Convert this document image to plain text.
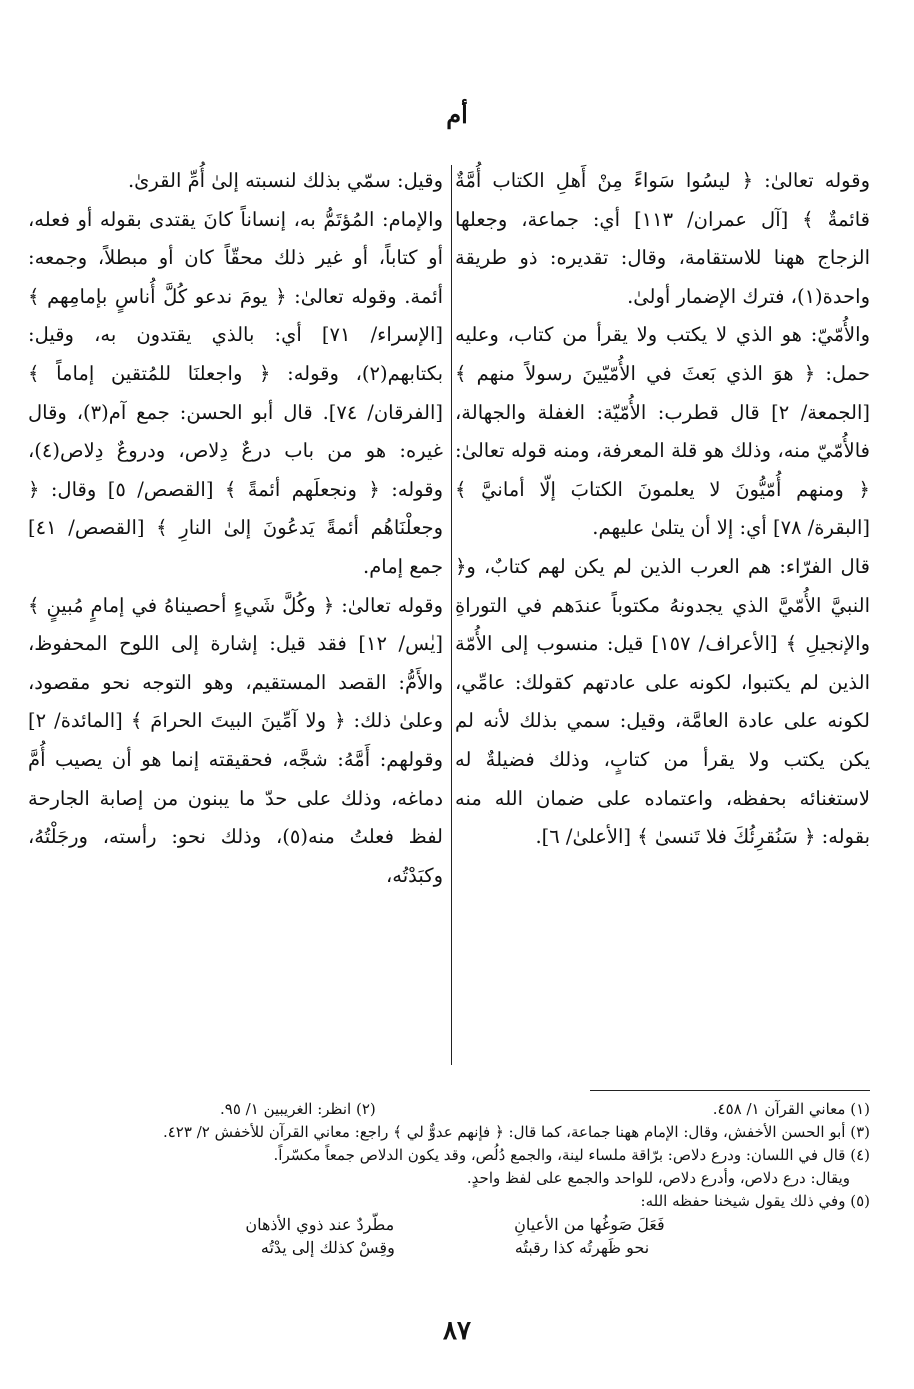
أم

وقوله تعالىٰ: ﴿ ليسُوا سَواءً مِنْ أَهلِ الكتاب أُمَّةٌ قائمةٌ ﴾ [آل عمران/ ١١٣] أي: جماعة، وجعلها الزجاج ههنا للاستقامة، وقال: تقديره: ذو طريقة واحدة(١)، فترك الإضمار أولىٰ.

والأُمّيّ: هو الذي لا يكتب ولا يقرأ من كتاب، وعليه حمل: ﴿ هوَ الذي بَعثَ في الأُمّيّينَ رسولاً منهم ﴾ [الجمعة/ ٢] قال قطرب: الأُمّيّة: الغفلة والجهالة، فالأُمّيّ منه، وذلك هو قلة المعرفة، ومنه قوله تعالىٰ: ﴿ ومنهم أُمّيُّونَ لا يعلمونَ الكتابَ إلّا أمانيَّ ﴾ [البقرة/ ٧٨] أي: إلا أن يتلىٰ عليهم.

قال الفرّاء: هم العرب الذين لم يكن لهم كتابٌ، و﴿ النبيَّ الأُمّيَّ الذي يجدونهُ مكتوباً عندَهم في التوراةِ والإنجيلِ ﴾ [الأعراف/ ١٥٧] قيل: منسوب إلى الأُمّة الذين لم يكتبوا، لكونه على عادتهم كقولك: عامِّي، لكونه على عادة العامَّة، وقيل: سمي بذلك لأنه لم يكن يكتب ولا يقرأ من كتابٍ، وذلك فضيلةٌ له لاستغنائه بحفظه، واعتماده على ضمان الله منه بقوله: ﴿ سَنُقرِئُكَ فلا تَنسىٰ ﴾ [الأعلىٰ/ ٦].

وقيل: سمّي بذلك لنسبته إلىٰ أُمِّ القرىٰ.

والإمام: المُؤتَمُّ به، إنساناً كانَ يقتدى بقوله أو فعله، أو كتاباً، أو غير ذلك محقّاً كان أو مبطلاً، وجمعه: أئمة. وقوله تعالىٰ: ﴿ يومَ ندعو كُلَّ أُناسٍ بإمامِهم ﴾ [الإسراء/ ٧١] أي: بالذي يقتدون به، وقيل: بكتابهم(٢)، وقوله: ﴿ واجعلنَا للمُتقين إماماً ﴾ [الفرقان/ ٧٤]. قال أبو الحسن: جمع آم(٣)، وقال غيره: هو من باب درعٌ دِلاص، ودروعٌ دِلاص(٤)، وقوله: ﴿ ونجعلَهم أئمةً ﴾ [القصص/ ٥] وقال: ﴿ وجعلْنَاهُم أئمةً يَدعُونَ إلىٰ النارِ ﴾ [القصص/ ٤١] جمع إمام.

وقوله تعالىٰ: ﴿ وكُلَّ شَيءٍ أحصيناهُ في إمامٍ مُبينٍ ﴾ [يٰس/ ١٢] فقد قيل: إشارة إلى اللوح المحفوظ، والأَمُّ: القصد المستقيم، وهو التوجه نحو مقصود، وعلىٰ ذلك: ﴿ ولا آمِّينَ البيتَ الحرامَ ﴾ [المائدة/ ٢] وقولهم: أَمَّهُ: شجَّه، فحقيقته إنما هو أن يصيب أُمَّ دماغه، وذلك على حدّ ما يبنون من إصابة الجارحة لفظ فعلتُ منه(٥)، وذلك نحو: رأسته، ورجَلْتُهُ، وكبَدْتُه،

(١) معاني القرآن ١/ ٤٥٨.
(٢) انظر: الغريبين ١/ ٩٥.
(٣) أبو الحسن الأخفش، وقال: الإمام ههنا جماعة، كما قال: ﴿ فإنهم عدوٌّ لي ﴾ راجع: معاني القرآن للأخفش ٢/ ٤٢٣.
(٤) قال في اللسان: ودرع دلاص: برّاقة ملساء لينة، والجمع دُلُص، وقد يكون الدلاص جمعاً مكسّراً.
ويقال: درع دلاص، وأدرع دلاص، للواحد والجمع على لفظ واحدٍ.
(٥) وفي ذلك يقول شيخنا حفظه الله:
فَعَلَ صَوغُها من الأعيانِ
مطّردٌ عند ذوي الأذهان
نحو ظَهرتُه كذا رقبتُه
وقِسْ كذلك إلى يدْتُه
٨٧
